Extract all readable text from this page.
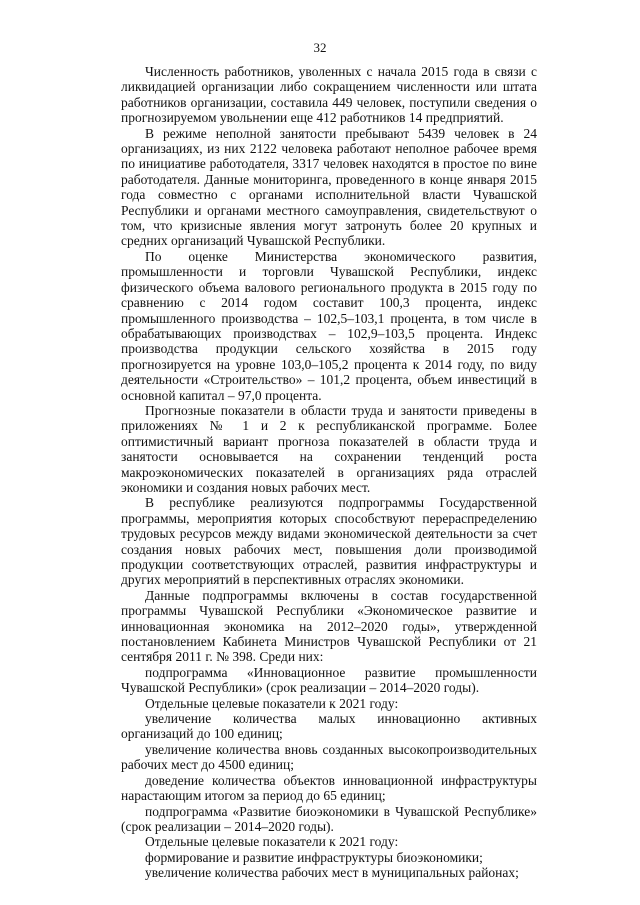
32

Численность работников, уволенных с начала 2015 года в связи с ликвидацией организации либо сокращением численности или штата работников организации, составила 449 человек, поступили сведения о прогнозируемом увольнении еще 412 работников 14 предприятий.

В режиме неполной занятости пребывают 5439 человек в 24 организациях, из них 2122 человека работают неполное рабочее время по инициативе работодателя, 3317 человек находятся в простое по вине работодателя. Данные мониторинга, проведенного в конце января 2015 года совместно с органами исполнительной власти Чувашской Республики и органами местного самоуправления, свидетельствуют о том, что кризисные явления могут затронуть более 20 крупных и средних организаций Чувашской Республики.

По оценке Министерства экономического развития, промышленности и торговли Чувашской Республики, индекс физического объема валового регионального продукта в 2015 году по сравнению с 2014 годом составит 100,3 процента, индекс промышленного производства – 102,5–103,1 процента, в том числе в обрабатывающих производствах – 102,9–103,5 процента. Индекс производства продукции сельского хозяйства в 2015 году прогнозируется на уровне 103,0–105,2 процента к 2014 году, по виду деятельности «Строительство» – 101,2 процента, объем инвестиций в основной капитал – 97,0 процента.

Прогнозные показатели в области труда и занятости приведены в приложениях № 1 и 2 к республиканской программе. Более оптимистичный вариант прогноза показателей в области труда и занятости основывается на сохранении тенденций роста макроэкономических показателей в организациях ряда отраслей экономики и создания новых рабочих мест.

В республике реализуются подпрограммы Государственной программы, мероприятия которых способствуют перераспределению трудовых ресурсов между видами экономической деятельности за счет создания новых рабочих мест, повышения доли производимой продукции соответствующих отраслей, развития инфраструктуры и других мероприятий в перспективных отраслях экономики.

Данные подпрограммы включены в состав государственной программы Чувашской Республики «Экономическое развитие и инновационная экономика на 2012–2020 годы», утвержденной постановлением Кабинета Министров Чувашской Республики от 21 сентября 2011 г. № 398. Среди них:

подпрограмма «Инновационное развитие промышленности Чувашской Республики» (срок реализации – 2014–2020 годы).

Отдельные целевые показатели к 2021 году:

увеличение количества малых инновационно активных организаций до 100 единиц;

увеличение количества вновь созданных высокопроизводительных рабочих мест до 4500 единиц;

доведение количества объектов инновационной инфраструктуры нарастающим итогом за период до 65 единиц;

подпрограмма «Развитие биоэкономики в Чувашской Республике» (срок реализации – 2014–2020 годы).

Отдельные целевые показатели к 2021 году:

формирование и развитие инфраструктуры биоэкономики;

увеличение количества рабочих мест в муниципальных районах;
